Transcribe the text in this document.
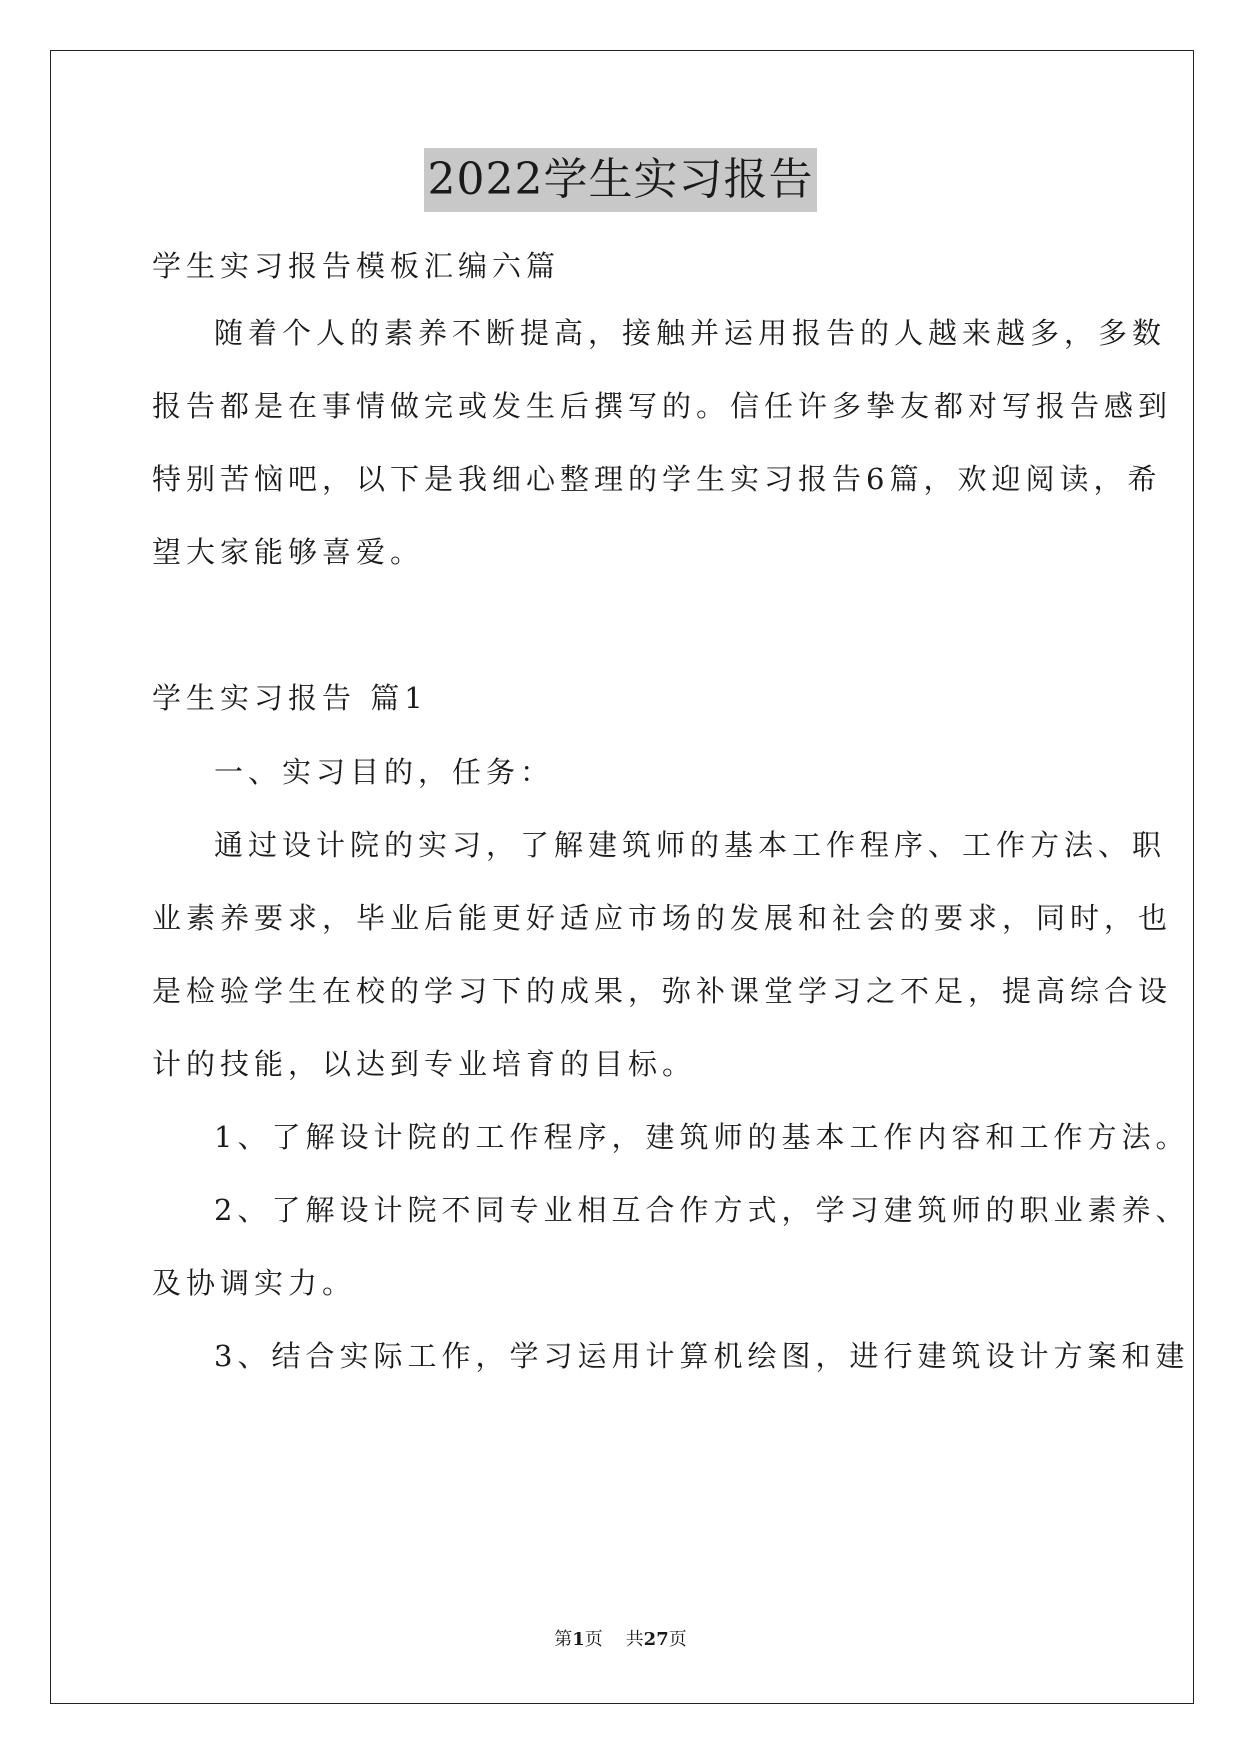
2022学生实习报告
学生实习报告模板汇编六篇
随着个人的素养不断提高，接触并运用报告的人越来越多，多数
报告都是在事情做完或发生后撰写的。信任许多挚友都对写报告感到
特别苦恼吧，以下是我细心整理的学生实习报告6篇，欢迎阅读，希
望大家能够喜爱。
学生实习报告 篇1
一、实习目的，任务：
通过设计院的实习，了解建筑师的基本工作程序、工作方法、职
业素养要求，毕业后能更好适应市场的发展和社会的要求，同时，也
是检验学生在校的学习下的成果，弥补课堂学习之不足，提高综合设
计的技能，以达到专业培育的目标。
1、了解设计院的工作程序，建筑师的基本工作内容和工作方法。
2、了解设计院不同专业相互合作方式，学习建筑师的职业素养、
及协调实力。
3、结合实际工作，学习运用计算机绘图，进行建筑设计方案和建
第1页    共27页
